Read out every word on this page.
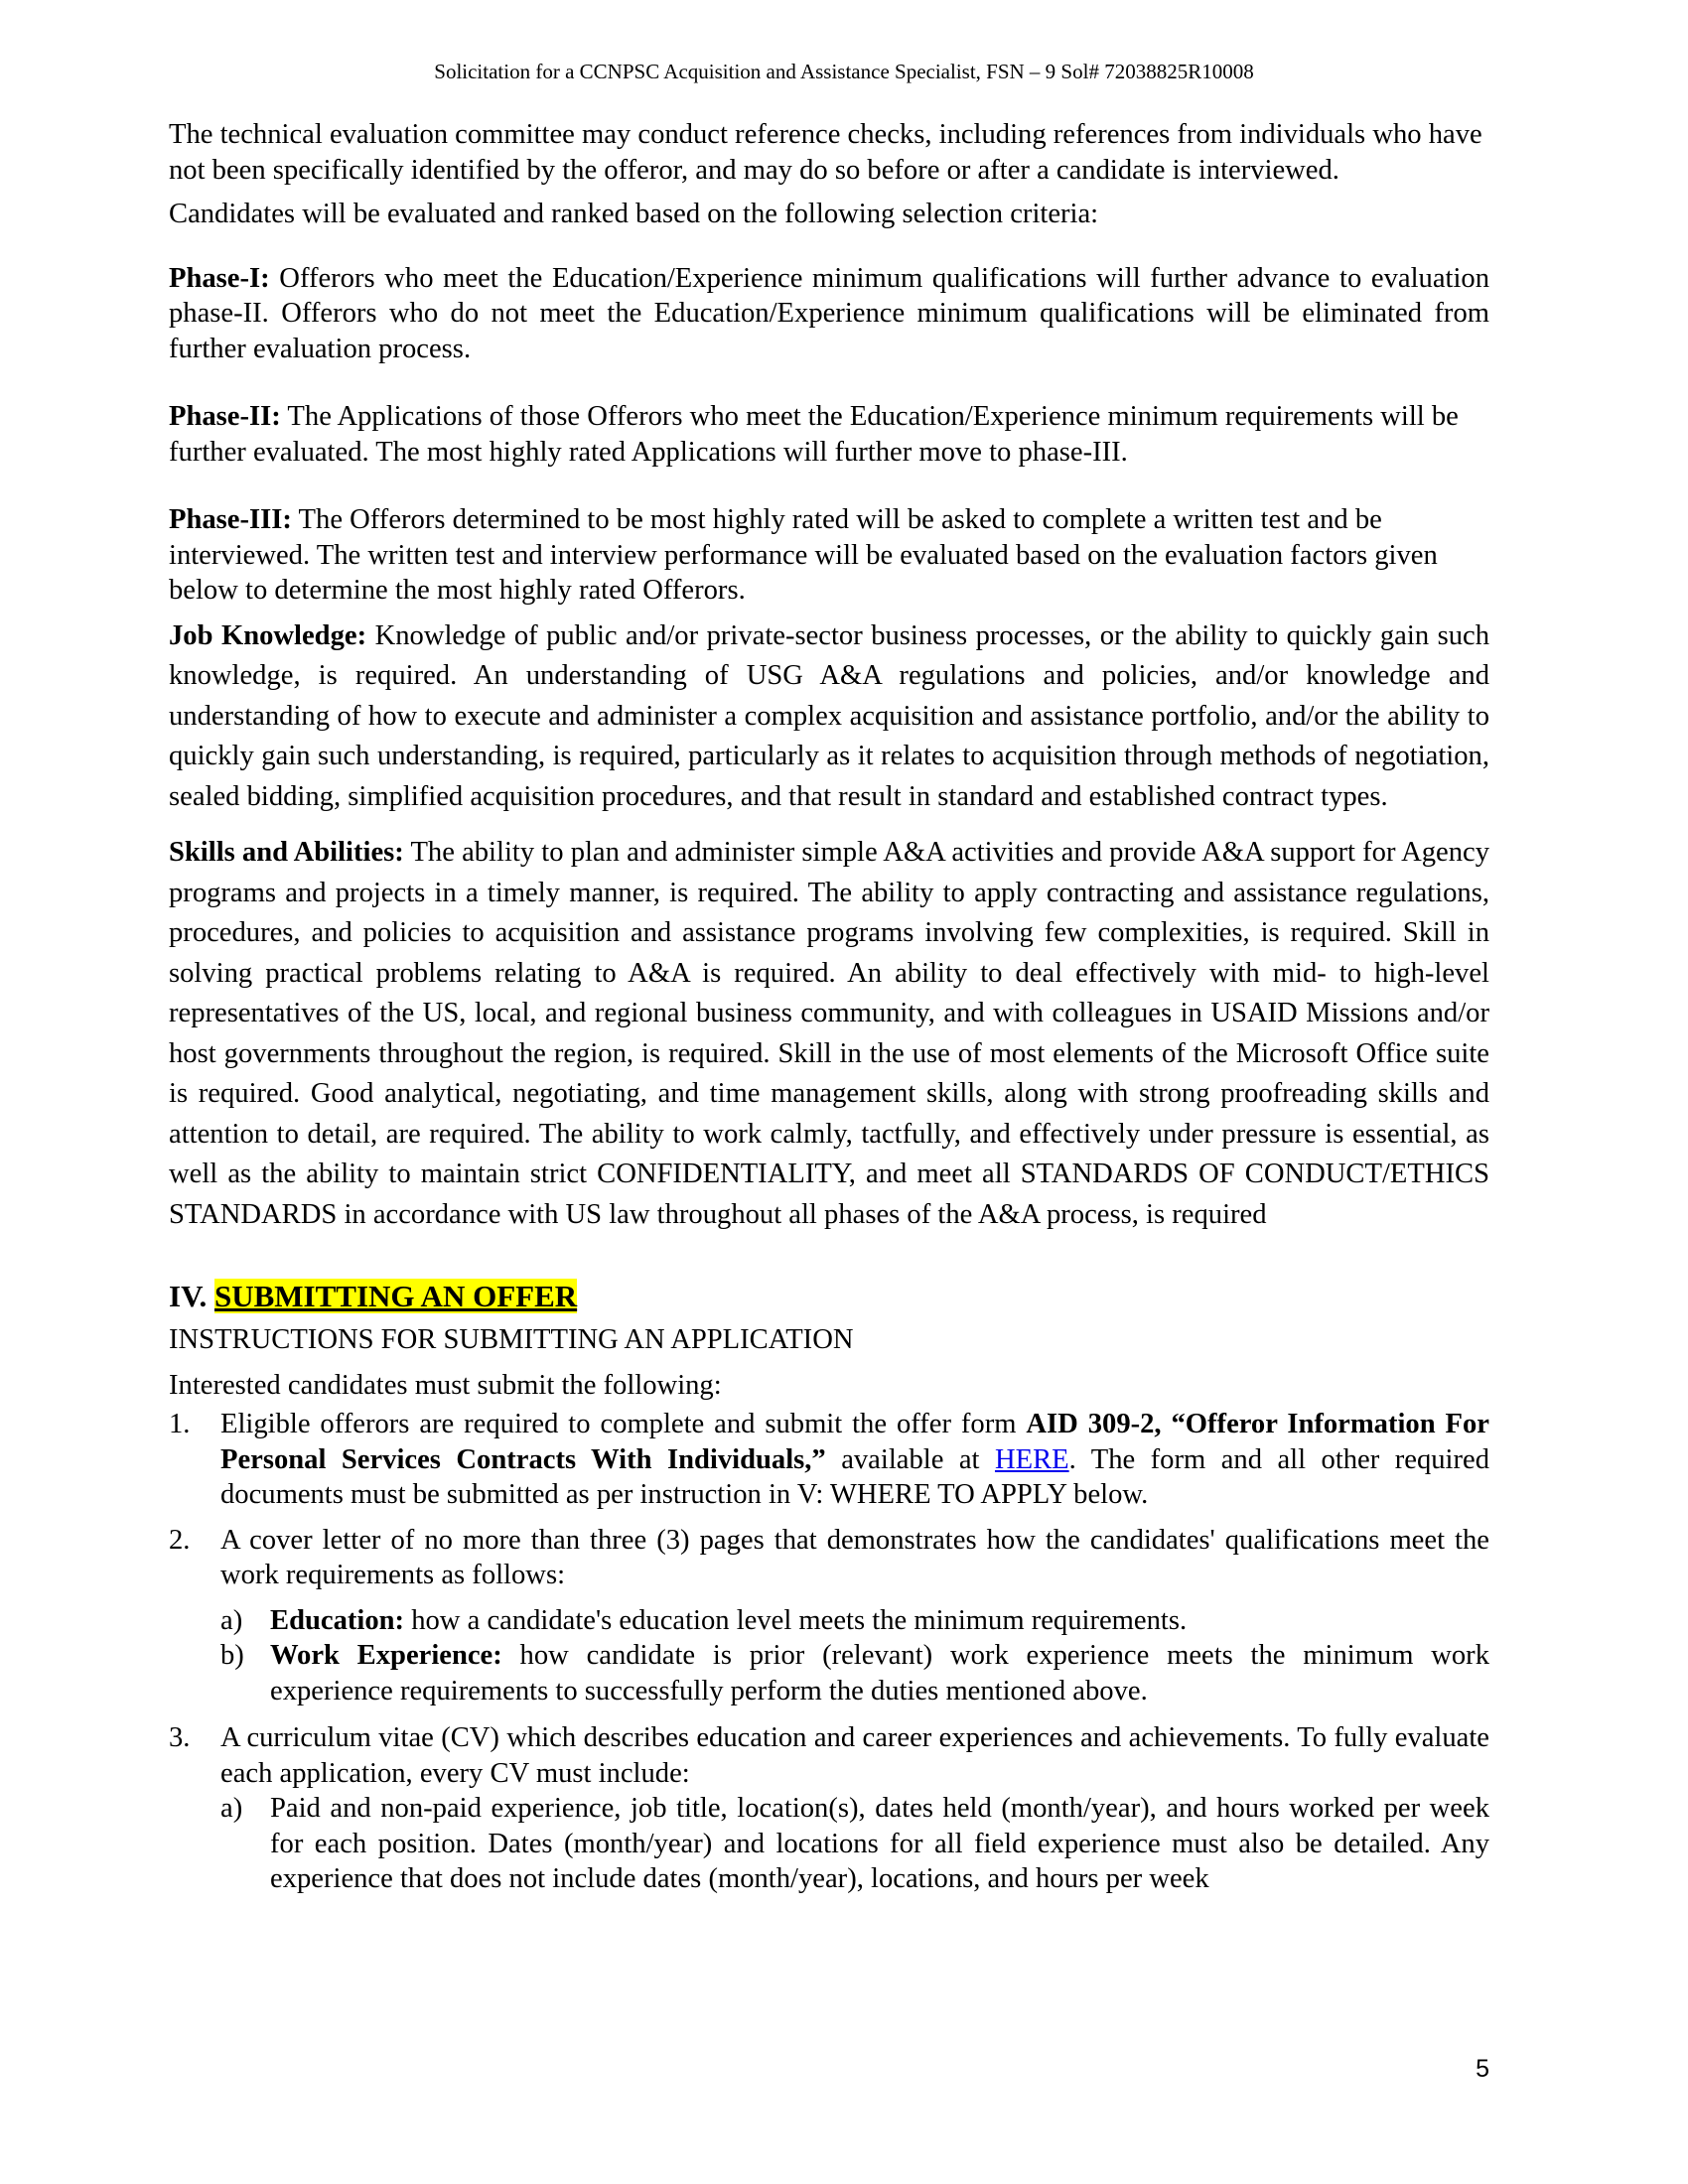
Solicitation for a CCNPSC Acquisition and Assistance Specialist, FSN – 9 Sol# 72038825R10008

The technical evaluation committee may conduct reference checks, including references from individuals who have not been specifically identified by the offeror, and may do so before or after a candidate is interviewed.

Candidates will be evaluated and ranked based on the following selection criteria:

Phase-I: Offerors who meet the Education/Experience minimum qualifications will further advance to evaluation phase-II. Offerors who do not meet the Education/Experience minimum qualifications will be eliminated from further evaluation process.

Phase-II: The Applications of those Offerors who meet the Education/Experience minimum requirements will be further evaluated. The most highly rated Applications will further move to phase-III.

Phase-III: The Offerors determined to be most highly rated will be asked to complete a written test and be interviewed. The written test and interview performance will be evaluated based on the evaluation factors given below to determine the most highly rated Offerors.

Job Knowledge: Knowledge of public and/or private-sector business processes, or the ability to quickly gain such knowledge, is required. An understanding of USG A&A regulations and policies, and/or knowledge and understanding of how to execute and administer a complex acquisition and assistance portfolio, and/or the ability to quickly gain such understanding, is required, particularly as it relates to acquisition through methods of negotiation, sealed bidding, simplified acquisition procedures, and that result in standard and established contract types.

Skills and Abilities: The ability to plan and administer simple A&A activities and provide A&A support for Agency programs and projects in a timely manner, is required. The ability to apply contracting and assistance regulations, procedures, and policies to acquisition and assistance programs involving few complexities, is required. Skill in solving practical problems relating to A&A is required. An ability to deal effectively with mid- to high-level representatives of the US, local, and regional business community, and with colleagues in USAID Missions and/or host governments throughout the region, is required. Skill in the use of most elements of the Microsoft Office suite is required. Good analytical, negotiating, and time management skills, along with strong proofreading skills and attention to detail, are required. The ability to work calmly, tactfully, and effectively under pressure is essential, as well as the ability to maintain strict CONFIDENTIALITY, and meet all STANDARDS OF CONDUCT/ETHICS STANDARDS in accordance with US law throughout all phases of the A&A process, is required

IV. SUBMITTING AN OFFER

INSTRUCTIONS FOR SUBMITTING AN APPLICATION

Interested candidates must submit the following:

1. Eligible offerors are required to complete and submit the offer form AID 309-2, “Offeror Information For Personal Services Contracts With Individuals,” available at HERE. The form and all other required documents must be submitted as per instruction in V: WHERE TO APPLY below.
2. A cover letter of no more than three (3) pages that demonstrates how the candidates' qualifications meet the work requirements as follows:
a) Education: how a candidate's education level meets the minimum requirements.
b) Work Experience: how candidate is prior (relevant) work experience meets the minimum work experience requirements to successfully perform the duties mentioned above.
3. A curriculum vitae (CV) which describes education and career experiences and achievements. To fully evaluate each application, every CV must include:
a) Paid and non-paid experience, job title, location(s), dates held (month/year), and hours worked per week for each position. Dates (month/year) and locations for all field experience must also be detailed. Any experience that does not include dates (month/year), locations, and hours per week
5
